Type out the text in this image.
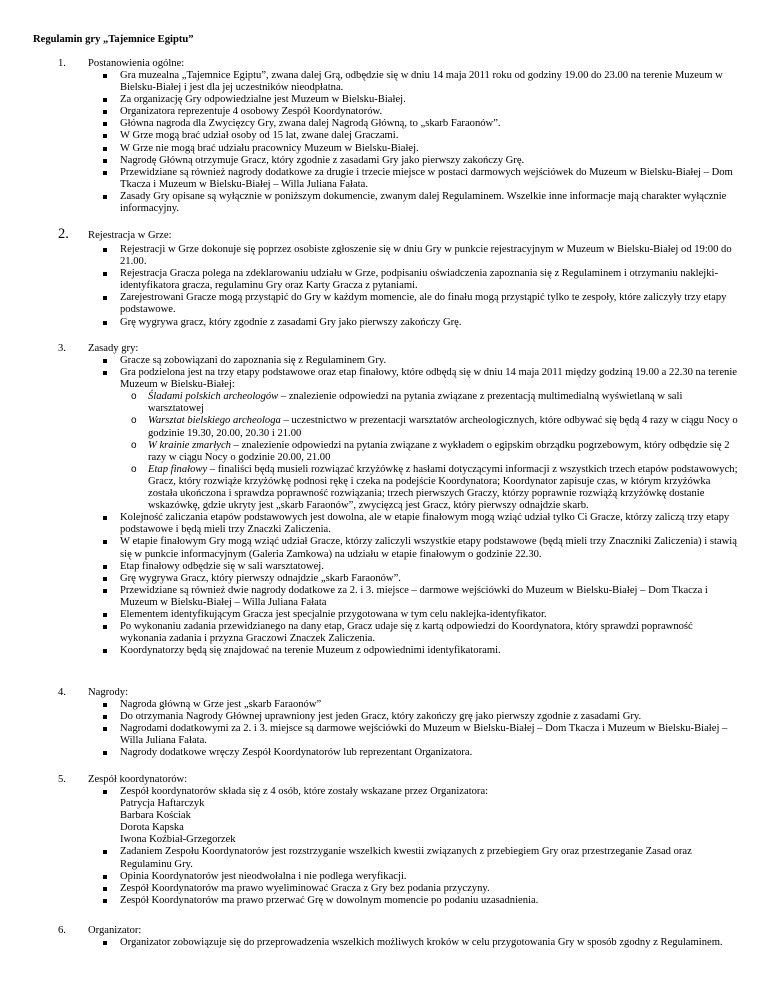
Regulamin gry „Tajemnice Egiptu”
1.	Postanowienia ogólne:
Gra muzealna „Tajemnice Egiptu”, zwana dalej Grą, odbędzie się w dniu 14 maja 2011 roku od godziny 19.00 do 23.00 na terenie Muzeum w Bielsku-Białej i jest dla jej uczestników nieodpłatna.
Za organizację Gry odpowiedzialne jest Muzeum w Bielsku-Białej.
Organizatora reprezentuje 4 osobowy Zespół Koordynatorów.
Główna nagroda dla Zwycięzcy Gry, zwana dalej Nagrodą Główną, to „skarb Faraonów”.
W Grze mogą brać udział osoby od 15 lat, zwane dalej Graczami.
W Grze nie mogą brać udziału pracownicy Muzeum w Bielsku-Białej.
Nagrodę Główną otrzymuje Gracz, który zgodnie z zasadami Gry jako pierwszy zakończy Grę.
Przewidziane są również nagrody dodatkowe za drugie i trzecie miejsce w postaci darmowych wejściówek do Muzeum w Bielsku-Białej – Dom Tkacza i Muzeum w Bielsku-Białej – Willa Juliana Fałata.
Zasady Gry opisane są wyłącznie w poniższym dokumencie, zwanym dalej Regulaminem. Wszelkie inne informacje mają charakter wyłącznie informacyjny.
2.	Rejestracja w Grze:
Rejestracji w Grze dokonuje się poprzez osobiste zgłoszenie się w dniu Gry w punkcie rejestracyjnym w Muzeum w Bielsku-Białej od 19:00 do 21.00.
Rejestracja Gracza polega na zdeklarowaniu udziału w Grze, podpisaniu oświadczenia zapoznania się z Regulaminem i otrzymaniu naklejki-identyfikatora gracza, regulaminu Gry oraz Karty Gracza z pytaniami.
Zarejestrowani Gracze mogą przystąpić do Gry w każdym momencie, ale do finału mogą przystąpić tylko te zespoły, które zaliczyły trzy etapy podstawowe.
Grę wygrywa gracz, który zgodnie z zasadami Gry jako pierwszy zakończy Grę.
3.	Zasady gry:
Gracze są zobowiązani do zapoznania się z Regulaminem Gry.
Gra podzielona jest na trzy etapy podstawowe oraz etap finałowy, które odbędą się w dniu 14 maja 2011 między godziną 19.00 a 22.30 na terenie Muzeum w Bielsku-Białej:
o Śladami polskich archeologów – znalezienie odpowiedzi na pytania związane z prezentacją multimedialną wyświetlaną w sali warsztatowej
o Warsztat bielskiego archeologa – uczestnictwo w prezentacji warsztatów archeologicznych, które odbywać się będą 4 razy w ciągu Nocy o godzinie 19.30, 20.00, 20.30 i 21.00
o W krainie zmarłych – znalezienie odpowiedzi na pytania związane z wykładem o egipskim obrządku pogrzebowym, który odbędzie się 2 razy w ciągu Nocy o godzinie 20.00, 21.00
o Etap finałowy – finaliści będą musieli rozwiązać krzyżówkę z hasłami dotyczącymi informacji z wszystkich trzech etapów podstawowych; Gracz, który rozwiąże krzyżówkę podnosi rękę i czeka na podejście Koordynatora; Koordynator zapisuje czas, w którym krzyżówka została ukończona i sprawdza poprawność rozwiązania; trzech pierwszych Graczy, którzy poprawnie rozwiążą krzyżówkę dostanie wskazówkę, gdzie ukryty jest „skarb Faraonów”, zwycięzcą jest Gracz, który pierwszy odnajdzie skarb.
Kolejność zaliczania etapów podstawowych jest dowolna, ale w etapie finałowym mogą wziąć udział tylko Ci Gracze, którzy zaliczą trzy etapy podstawowe i będą mieli trzy Znaczki Zaliczenia.
W etapie finałowym Gry mogą wziąć udział Gracze, którzy zaliczyli wszystkie etapy podstawowe (będą mieli trzy Znaczniki Zaliczenia) i stawią się w punkcie informacyjnym (Galeria Zamkowa) na udziału w etapie finałowym o godzinie 22.30.
Etap finałowy odbędzie się w sali warsztatowej.
Grę wygrywa Gracz, który pierwszy odnajdzie „skarb Faraonów”.
Przewidziane są również dwie nagrody dodatkowe za 2. i 3. miejsce – darmowe wejściówki do Muzeum w Bielsku-Białej – Dom Tkacza i Muzeum w Bielsku-Białej – Willa Juliana Fałata
Elementem identyfikującym Gracza jest specjalnie przygotowana w tym celu naklejka-identyfikator.
Po wykonaniu zadania przewidzianego na dany etap, Gracz udaje się z kartą odpowiedzi do Koordynatora, który sprawdzi poprawność wykonania zadania i przyzna Graczowi Znaczek Zaliczenia.
Koordynatorzy będą się znajdować na terenie Muzeum z odpowiednimi identyfikatorami.
4.	Nagrody:
Nagroda główną w Grze jest „skarb Faraonów”
Do otrzymania Nagrody Głównej uprawniony jest jeden Gracz, który zakończy grę jako pierwszy zgodnie z zasadami Gry.
Nagrodami dodatkowymi za 2. i 3. miejsce są darmowe wejściówki do Muzeum w Bielsku-Białej – Dom Tkacza i Muzeum w Bielsku-Białej – Willa Juliana Fałata.
Nagrody dodatkowe wręczy Zespół Koordynatorów lub reprezentant Organizatora.
5.	Zespół koordynatorów:
Zespół koordynatorów składa się z 4 osób, które zostały wskazane przez Organizatora:
Patrycja Haftarczyk
Barbara Kościak
Dorota Kapska
Iwona Koźbiał-Grzegorzek
Zadaniem Zespołu Koordynatorów jest rozstrzyganie wszelkich kwestii związanych z przebiegiem Gry oraz przestrzeganie Zasad oraz Regulaminu Gry.
Opinia Koordynatorów jest nieodwołalna i nie podlega weryfikacji.
Zespół Koordynatorów ma prawo wyeliminować Gracza z Gry bez podania przyczyny.
Zespół Koordynatorów ma prawo przerwać Grę w dowolnym momencie po podaniu uzasadnienia.
6.	Organizator:
Organizator zobowiązuje się do przeprowadzenia wszelkich możliwych kroków w celu przygotowania Gry w sposób zgodny z Regulaminem.
